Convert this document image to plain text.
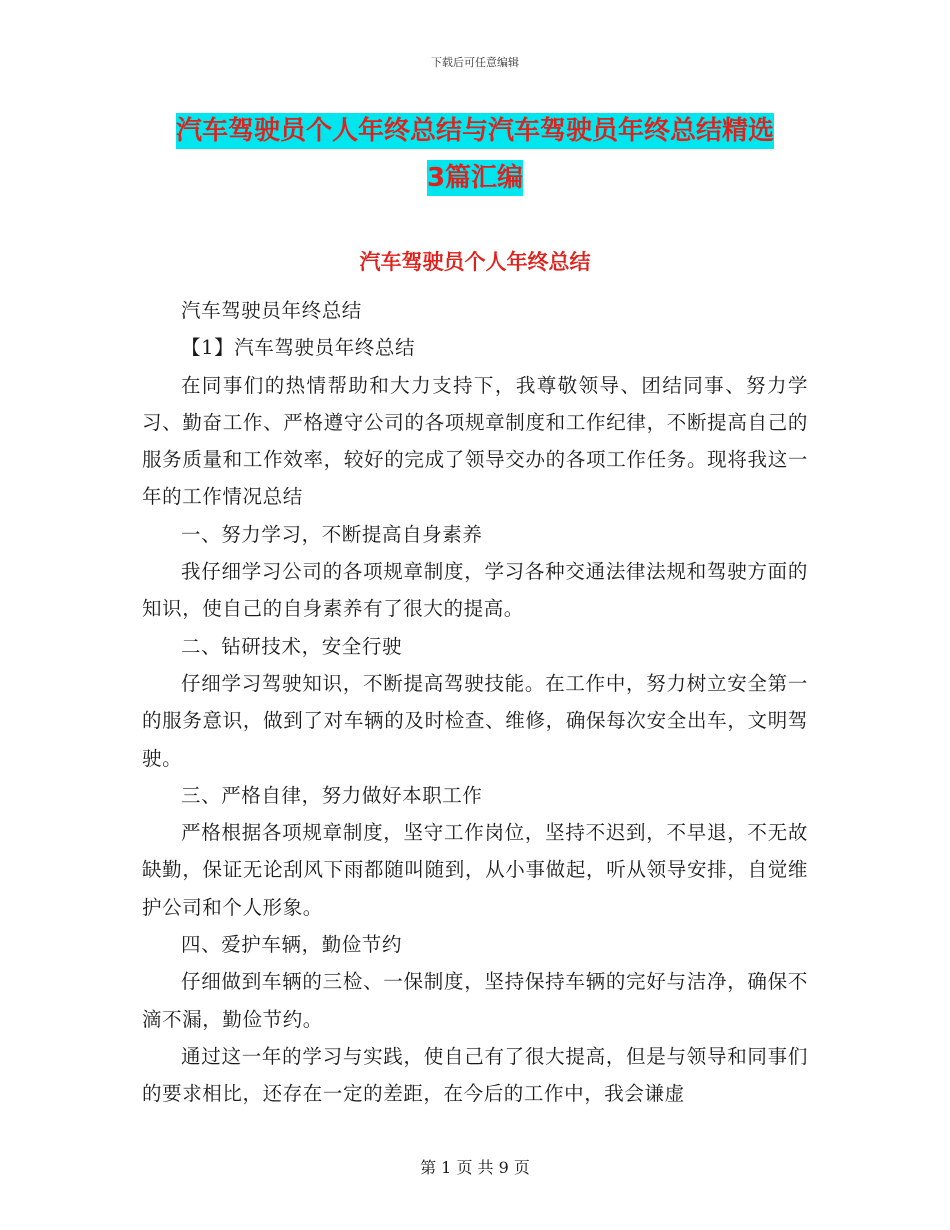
下载后可任意编辑
汽车驾驶员个人年终总结与汽车驾驶员年终总结精选
3篇汇编
汽车驾驶员个人年终总结

汽车驾驶员年终总结

【1】汽车驾驶员年终总结

在同事们的热情帮助和大力支持下，我尊敬领导、团结同事、努力学习、勤奋工作、严格遵守公司的各项规章制度和工作纪律，不断提高自己的服务质量和工作效率，较好的完成了领导交办的各项工作任务。现将我这一年的工作情况总结

一、努力学习，不断提高自身素养

我仔细学习公司的各项规章制度，学习各种交通法律法规和驾驶方面的知识，使自己的自身素养有了很大的提高。

二、钻研技术，安全行驶

仔细学习驾驶知识，不断提高驾驶技能。在工作中，努力树立安全第一的服务意识，做到了对车辆的及时检查、维修，确保每次安全出车，文明驾驶。

三、严格自律，努力做好本职工作

严格根据各项规章制度，坚守工作岗位，坚持不迟到，不早退，不无故缺勤，保证无论刮风下雨都随叫随到，从小事做起，听从领导安排，自觉维护公司和个人形象。

四、爱护车辆，勤俭节约

仔细做到车辆的三检、一保制度，坚持保持车辆的完好与洁净，确保不滴不漏，勤俭节约。

通过这一年的学习与实践，使自己有了很大提高，但是与领导和同事们的要求相比，还存在一定的差距，在今后的工作中，我会谦虚

第 1 页 共 9 页
